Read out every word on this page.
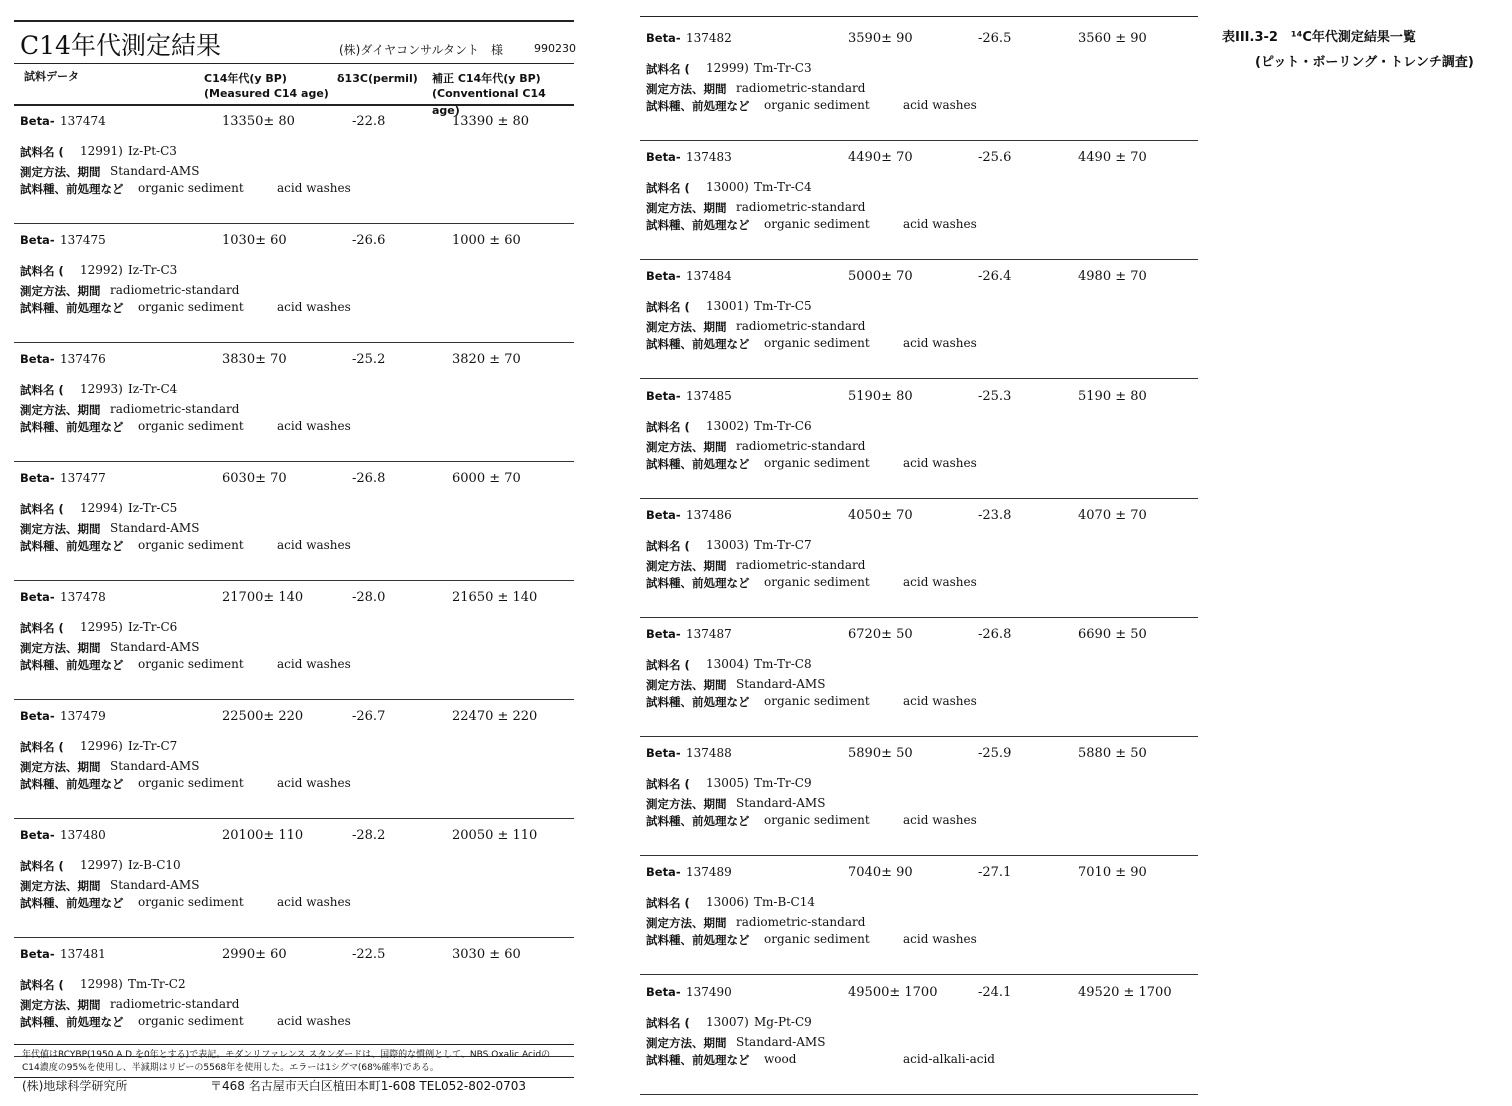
C14年代測定結果	(株)ダイヤコンサルタント　様	990230
試料データ	C14年代(y BP)
(Measured C14 age)
δ13C(permil) 補正 C14年代(y BP)
(Conventional C14 age)
Beta- 137474	13350± 80	-22.8	13390 ± 80
試料名 ( 12991) Iz-Pt-C3
測定方法、期間 Standard-AMS
試料種、前処理など organic sediment	acid washes
Beta- 137475	1030± 60	-26.6	1000 ± 60
試料名 ( 12992) Iz-Tr-C3
測定方法、期間 radiometric-standard
試料種、前処理など organic sediment	acid washes
Beta- 137476	3830± 70	-25.2	3820 ± 70
試料名 ( 12993) Iz-Tr-C4
測定方法、期間 radiometric-standard
試料種、前処理など organic sediment	acid washes
Beta- 137477	6030± 70	-26.8	6000 ± 70
試料名 ( 12994) Iz-Tr-C5
測定方法、期間 Standard-AMS
試料種、前処理など organic sediment	acid washes
Beta- 137478	21700± 140	-28.0	21650 ± 140
試料名 ( 12995) Iz-Tr-C6
測定方法、期間 Standard-AMS
試料種、前処理など organic sediment	acid washes
Beta- 137479	22500± 220	-26.7	22470 ± 220
試料名 ( 12996) Iz-Tr-C7
測定方法、期間 Standard-AMS
試料種、前処理など organic sediment	acid washes
Beta- 137480	20100± 110	-28.2	20050 ± 110
試料名 ( 12997) Iz-B-C10
測定方法、期間 Standard-AMS
試料種、前処理など organic sediment	acid washes
Beta- 137481	2990± 60	-22.5	3030 ± 60
試料名 ( 12998) Tm-Tr-C2
測定方法、期間 radiometric-standard
試料種、前処理など organic sediment	acid washes
年代値はRCYBP(1950 A.D.を0年とする)で表記。モダンリファレンス スタンダードは、国際的な慣例として、NBS Oxalic Acidの
C14濃度の95%を使用し、半減期はリビーの5568年を使用した。エラーは1シグマ(68%確率)である。
(株)地球科学研究所	〒468 名古屋市天白区植田本町1-608 TEL052-802-0703
Beta- 137482	3590± 90	-26.5	3560 ± 90
試料名 ( 12999) Tm-Tr-C3
測定方法、期間 radiometric-standard
試料種、前処理など organic sediment	acid washes
Beta- 137483	4490± 70	-25.6	4490 ± 70
試料名 ( 13000) Tm-Tr-C4
測定方法、期間 radiometric-standard
試料種、前処理など organic sediment	acid washes
Beta- 137484	5000± 70	-26.4	4980 ± 70
試料名 ( 13001) Tm-Tr-C5
測定方法、期間 radiometric-standard
試料種、前処理など organic sediment	acid washes
Beta- 137485	5190± 80	-25.3	5190 ± 80
試料名 ( 13002) Tm-Tr-C6
測定方法、期間 radiometric-standard
試料種、前処理など organic sediment	acid washes
Beta- 137486	4050± 70	-23.8	4070 ± 70
試料名 ( 13003) Tm-Tr-C7
測定方法、期間 radiometric-standard
試料種、前処理など organic sediment	acid washes
Beta- 137487	6720± 50	-26.8	6690 ± 50
試料名 ( 13004) Tm-Tr-C8
測定方法、期間 Standard-AMS
試料種、前処理など organic sediment	acid washes
Beta- 137488	5890± 50	-25.9	5880 ± 50
試料名 ( 13005) Tm-Tr-C9
測定方法、期間 Standard-AMS
試料種、前処理など organic sediment	acid washes
Beta- 137489	7040± 90	-27.1	7010 ± 90
試料名 ( 13006) Tm-B-C14
測定方法、期間 radiometric-standard
試料種、前処理など organic sediment	acid washes
Beta- 137490	49500± 1700	-24.1	49520 ± 1700
試料名 ( 13007) Mg-Pt-C9
測定方法、期間 Standard-AMS
試料種、前処理など wood	acid-alkali-acid
表III.3-2　¹⁴C年代測定結果一覧
(ピット・ボーリング・トレンチ調査)
